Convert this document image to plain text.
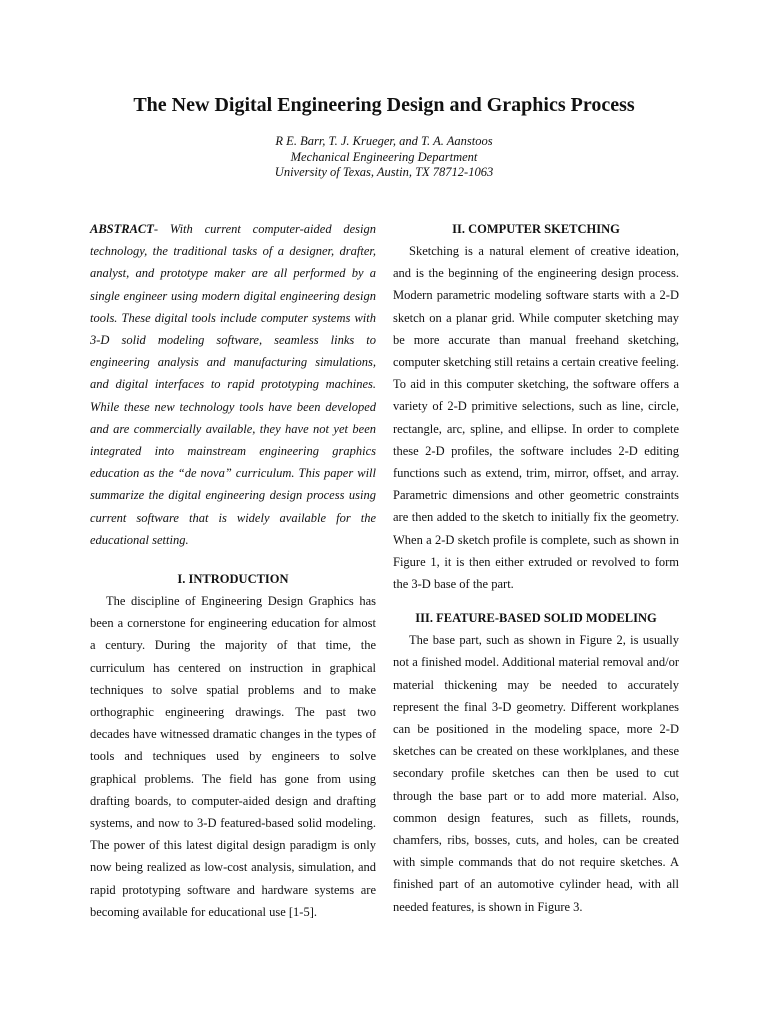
The New Digital Engineering Design and Graphics Process
R E. Barr, T. J. Krueger, and T. A. Aanstoos
Mechanical Engineering Department
University of Texas, Austin, TX 78712-1063

ABSTRACT- With current computer-aided design technology, the traditional tasks of a designer, drafter, analyst, and prototype maker are all performed by a single engineer using modern digital engineering design tools. These digital tools include computer systems with 3-D solid modeling software, seamless links to engineering analysis and manufacturing simulations, and digital interfaces to rapid prototyping machines. While these new technology tools have been developed and are commercially available, they have not yet been integrated into mainstream engineering graphics education as the “de nova” curriculum. This paper will summarize the digital engineering design process using current software that is widely available for the educational setting.

I. INTRODUCTION

The discipline of Engineering Design Graphics has been a cornerstone for engineering education for almost a century. During the majority of that time, the curriculum has centered on instruction in graphical techniques to solve spatial problems and to make orthographic engineering drawings. The past two decades have witnessed dramatic changes in the types of tools and techniques used by engineers to solve graphical problems. The field has gone from using drafting boards, to computer-aided design and drafting systems, and now to 3-D featured-based solid modeling. The power of this latest digital design paradigm is only now being realized as low-cost analysis, simulation, and rapid prototyping software and hardware systems are becoming available for educational use [1-5].

II. COMPUTER SKETCHING

Sketching is a natural element of creative ideation, and is the beginning of the engineering design process. Modern parametric modeling software starts with a 2-D sketch on a planar grid. While computer sketching may be more accurate than manual freehand sketching, computer sketching still retains a certain creative feeling. To aid in this computer sketching, the software offers a variety of 2-D primitive selections, such as line, circle, rectangle, arc, spline, and ellipse. In order to complete these 2-D profiles, the software includes 2-D editing functions such as extend, trim, mirror, offset, and array. Parametric dimensions and other geometric constraints are then added to the sketch to initially fix the geometry. When a 2-D sketch profile is complete, such as shown in Figure 1, it is then either extruded or revolved to form the 3-D base of the part.

III. FEATURE-BASED SOLID MODELING

The base part, such as shown in Figure 2, is usually not a finished model. Additional material removal and/or material thickening may be needed to accurately represent the final 3-D geometry. Different workplanes can be positioned in the modeling space, more 2-D sketches can be created on these worklplanes, and these secondary profile sketches can then be used to cut through the base part or to add more material. Also, common design features, such as fillets, rounds, chamfers, ribs, bosses, cuts, and holes, can be created with simple commands that do not require sketches. A finished part of an automotive cylinder head, with all needed features, is shown in Figure 3.
